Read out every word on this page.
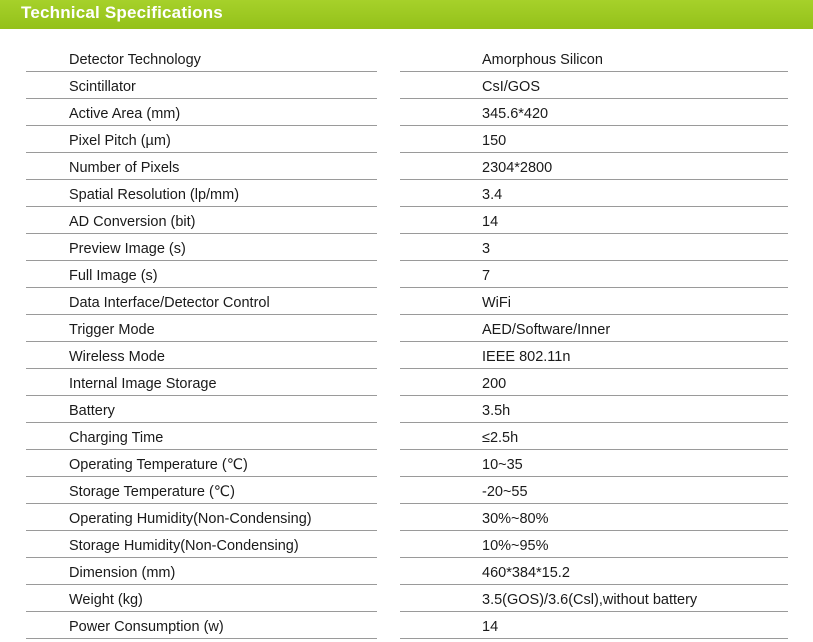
Technical Specifications
Detector Technology	Amorphous Silicon
Scintillator	CsI/GOS
Active Area (mm)	345.6*420
Pixel Pitch (µm)	150
Number of Pixels	2304*2800
Spatial Resolution (lp/mm)	3.4
AD Conversion (bit)	14
Preview Image (s)	3
Full Image (s)	7
Data Interface/Detector Control	WiFi
Trigger Mode	AED/Software/Inner
Wireless Mode	IEEE 802.11n
Internal Image Storage	200
Battery	3.5h
Charging Time	≤2.5h
Operating Temperature (℃)	10~35
Storage Temperature (℃)	-20~55
Operating Humidity(Non-Condensing)	30%~80%
Storage Humidity(Non-Condensing)	10%~95%
Dimension (mm)	460*384*15.2
Weight (kg)	3.5(GOS)/3.6(Csl),without battery
Power Consumption (w)	14
